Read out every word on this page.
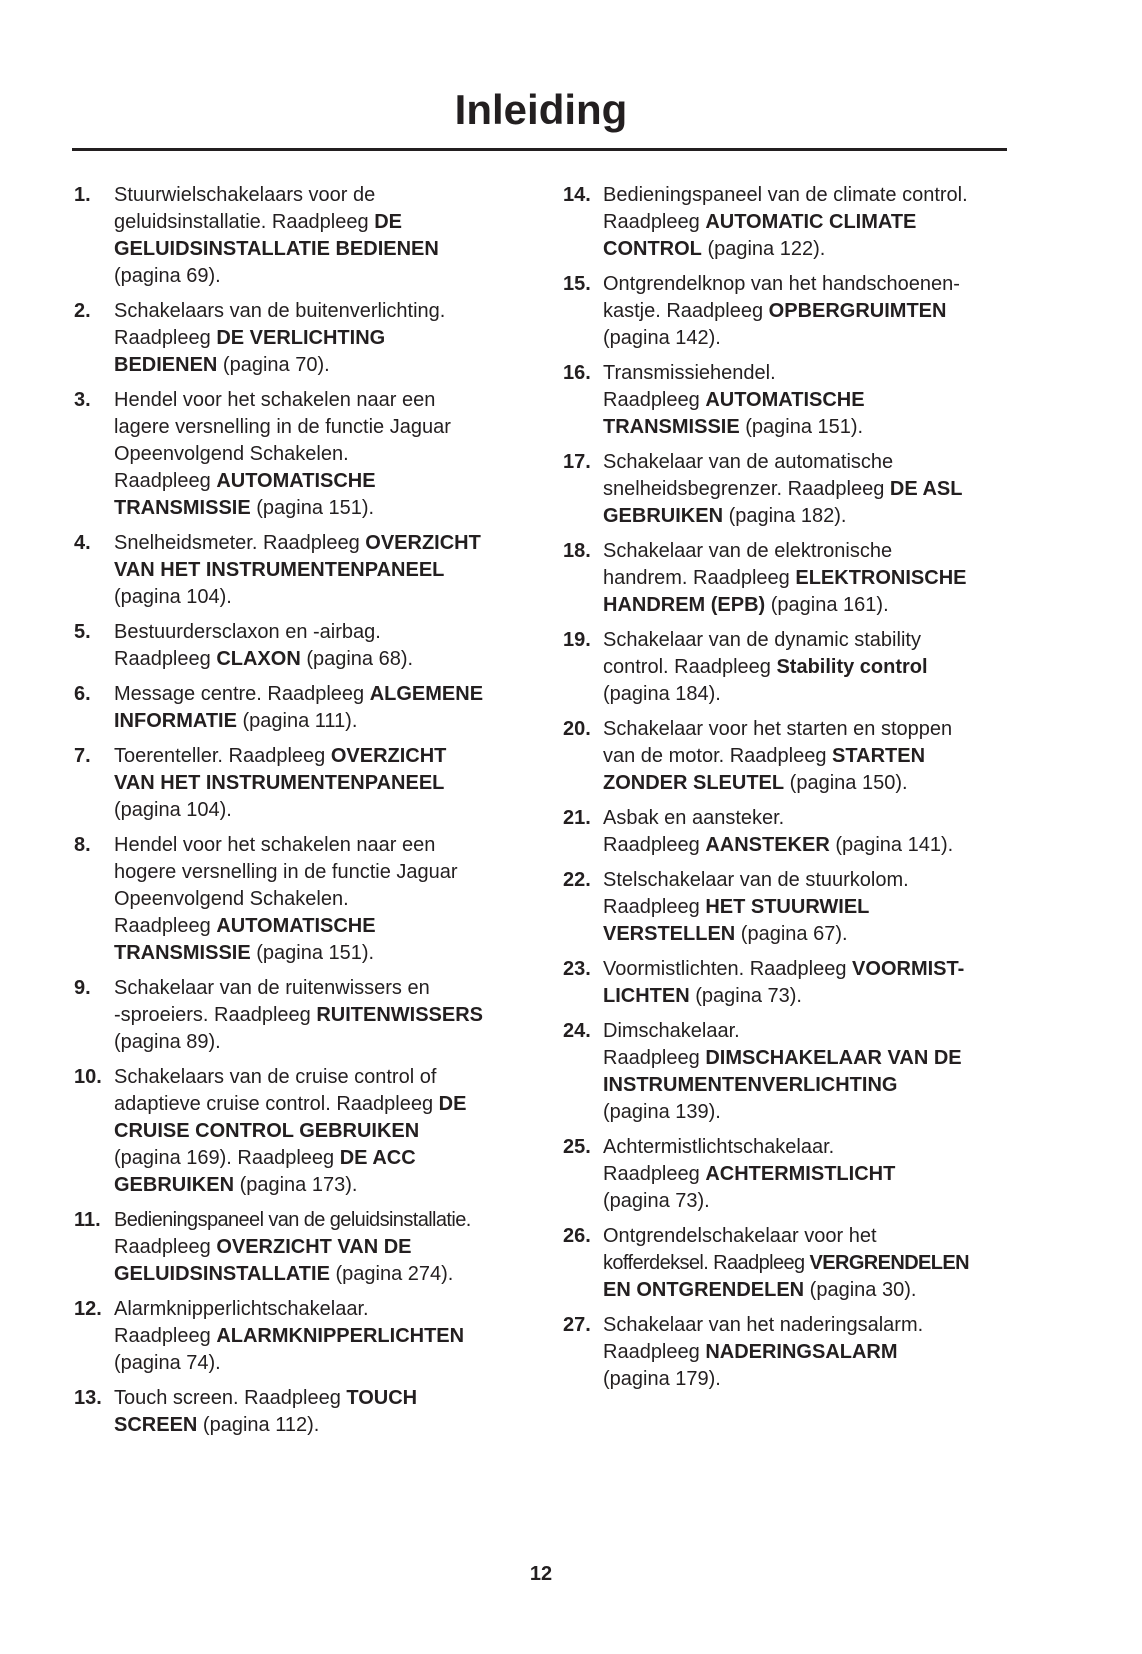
Inleiding
1. Stuurwielschakelaars voor de
geluidsinstallatie. Raadpleeg DE
GELUIDSINSTALLATIE BEDIENEN
(pagina 69).
2. Schakelaars van de buitenverlichting.
Raadpleeg DE VERLICHTING
BEDIENEN (pagina 70).
3. Hendel voor het schakelen naar een
lagere versnelling in de functie Jaguar
Opeenvolgend Schakelen.
Raadpleeg AUTOMATISCHE
TRANSMISSIE (pagina 151).
4. Snelheidsmeter. Raadpleeg OVERZICHT
VAN HET INSTRUMENTENPANEEL
(pagina 104).
5. Bestuurdersclaxon en -airbag.
Raadpleeg CLAXON (pagina 68).
6. Message centre. Raadpleeg ALGEMENE
INFORMATIE (pagina 111).
7. Toerenteller. Raadpleeg OVERZICHT
VAN HET INSTRUMENTENPANEEL
(pagina 104).
8. Hendel voor het schakelen naar een
hogere versnelling in de functie Jaguar
Opeenvolgend Schakelen.
Raadpleeg AUTOMATISCHE
TRANSMISSIE (pagina 151).
9. Schakelaar van de ruitenwissers en
-sproeiers. Raadpleeg RUITENWISSERS
(pagina 89).
10. Schakelaars van de cruise control of
adaptieve cruise control. Raadpleeg DE
CRUISE CONTROL GEBRUIKEN
(pagina 169). Raadpleeg DE ACC
GEBRUIKEN (pagina 173).
11. Bedieningspaneel van de geluidsinstallatie.
Raadpleeg OVERZICHT VAN DE
GELUIDSINSTALLATIE (pagina 274).
12. Alarmknipperlichtschakelaar.
Raadpleeg ALARMKNIPPERLICHTEN
(pagina 74).
13. Touch screen. Raadpleeg TOUCH
SCREEN (pagina 112).
14. Bedieningspaneel van de climate control.
Raadpleeg AUTOMATIC CLIMATE
CONTROL (pagina 122).
15. Ontgrendelknop van het handschoenen-
kastje. Raadpleeg OPBERGRUIMTEN
(pagina 142).
16. Transmissiehendel.
Raadpleeg AUTOMATISCHE
TRANSMISSIE (pagina 151).
17. Schakelaar van de automatische
snelheidsbegrenzer. Raadpleeg DE ASL
GEBRUIKEN (pagina 182).
18. Schakelaar van de elektronische
handrem. Raadpleeg ELEKTRONISCHE
HANDREM (EPB) (pagina 161).
19. Schakelaar van de dynamic stability
control. Raadpleeg Stability control
(pagina 184).
20. Schakelaar voor het starten en stoppen
van de motor. Raadpleeg STARTEN
ZONDER SLEUTEL (pagina 150).
21. Asbak en aansteker.
Raadpleeg AANSTEKER (pagina 141).
22. Stelschakelaar van de stuurkolom.
Raadpleeg HET STUURWIEL
VERSTELLEN (pagina 67).
23. Voormistlichten. Raadpleeg VOORMIST-
LICHTEN (pagina 73).
24. Dimschakelaar.
Raadpleeg DIMSCHAKELAAR VAN DE
INSTRUMENTENVERLICHTING
(pagina 139).
25. Achtermistlichtschakelaar.
Raadpleeg ACHTERMISTLICHT
(pagina 73).
26. Ontgrendelschakelaar voor het
kofferdeksel. Raadpleeg VERGRENDELEN
EN ONTGRENDELEN (pagina 30).
27. Schakelaar van het naderingsalarm.
Raadpleeg NADERINGSALARM
(pagina 179).
12
